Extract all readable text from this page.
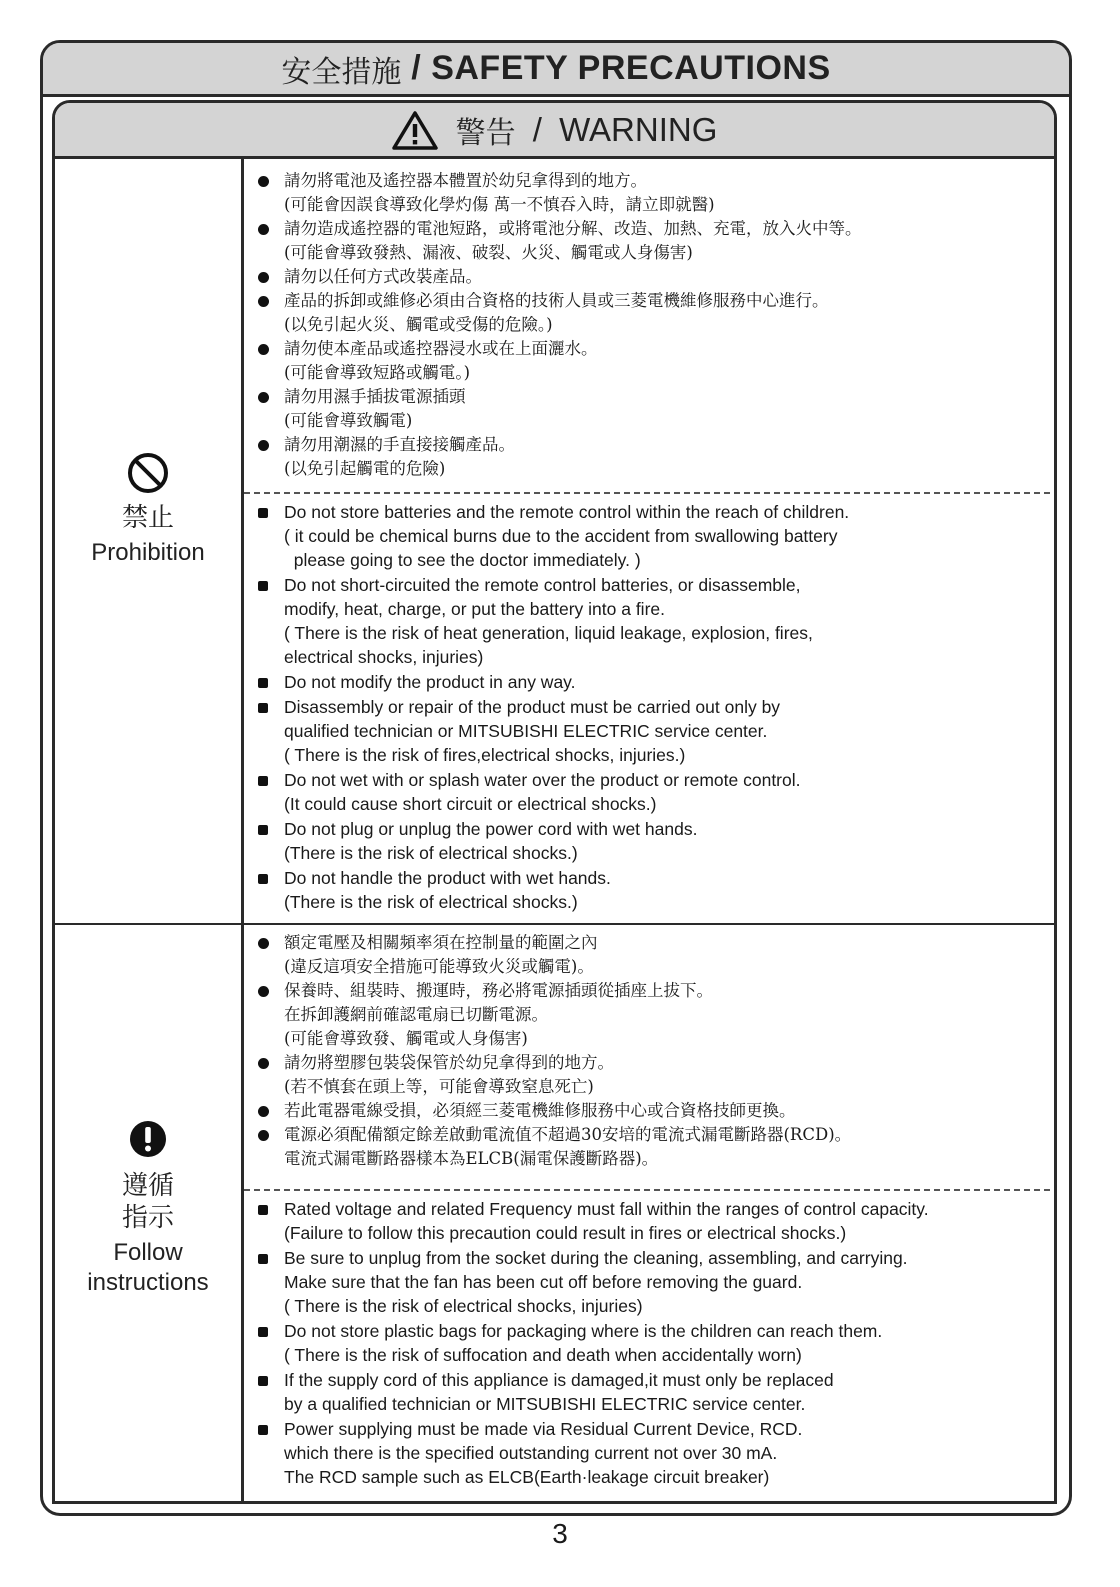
安全措施 / SAFETY PRECAUTIONS
警告 / WARNING
禁止
Prohibition
遵循
指示
Follow
instructions
請勿將電池及遙控器本體置於幼兒拿得到的地方。
(可能會因誤食導致化學灼傷 萬一不慎吞入時，請立即就醫)
請勿造成遙控器的電池短路，或將電池分解、改造、加熱、充電，放入火中等。
(可能會導致發熱、漏液、破裂、火災、觸電或人身傷害)
請勿以任何方式改裝產品。
產品的拆卸或維修必須由合資格的技術人員或三菱電機維修服務中心進行。
(以免引起火災、觸電或受傷的危險。)
請勿使本產品或遙控器浸水或在上面灑水。
(可能會導致短路或觸電。)
請勿用濕手插拔電源插頭
(可能會導致觸電)
請勿用潮濕的手直接接觸產品。
(以免引起觸電的危險)
Do not store batteries and the remote control within the reach of children.
( it could be chemical burns due to the accident from swallowing battery
please going to see the doctor immediately. )
Do not short-circuited the remote control batteries, or disassemble,
modify, heat, charge, or put the battery into a fire.
( There is the risk of heat generation, liquid leakage, explosion, fires,
electrical shocks, injuries)
Do not modify the product in any way.
Disassembly or repair of the product must be carried out only by
qualified technician or MITSUBISHI ELECTRIC service center.
( There is the risk of fires,electrical shocks, injuries.)
Do not wet with or splash water over the product or remote control.
(It could cause short circuit or electrical shocks.)
Do not plug or unplug the power cord with wet hands.
(There is the risk of electrical shocks.)
Do not handle the product with wet hands.
(There is the risk of electrical shocks.)
額定電壓及相關頻率須在控制量的範圍之內
(違反這項安全措施可能導致火災或觸電)。
保養時、組裝時、搬運時，務必將電源插頭從插座上拔下。
在拆卸護網前確認電扇已切斷電源。
(可能會導致發、觸電或人身傷害)
請勿將塑膠包裝袋保管於幼兒拿得到的地方。
(若不慎套在頭上等，可能會導致窒息死亡)
若此電器電線受損，必須經三菱電機維修服務中心或合資格技師更換。
電源必須配備額定餘差啟動電流值不超過30安培的電流式漏電斷路器(RCD)。
電流式漏電斷路器樣本為ELCB(漏電保護斷路器)。
Rated voltage and related Frequency must fall within the ranges of control capacity.
(Failure to follow this precaution could result in fires or electrical shocks.)
Be sure to unplug from the socket during the cleaning, assembling, and carrying.
Make sure that the fan has been cut off before removing the guard.
( There is the risk of electrical shocks, injuries)
Do not store plastic bags for packaging where is the children can reach them.
( There is the risk of suffocation and death when accidentally worn)
If the supply cord of this appliance is damaged,it must only be replaced
by a qualified technician or MITSUBISHI ELECTRIC service center.
Power supplying must be made via Residual Current Device, RCD.
which there is the specified outstanding current not over 30 mA.
The RCD sample such as ELCB(Earth·leakage circuit breaker)
3
